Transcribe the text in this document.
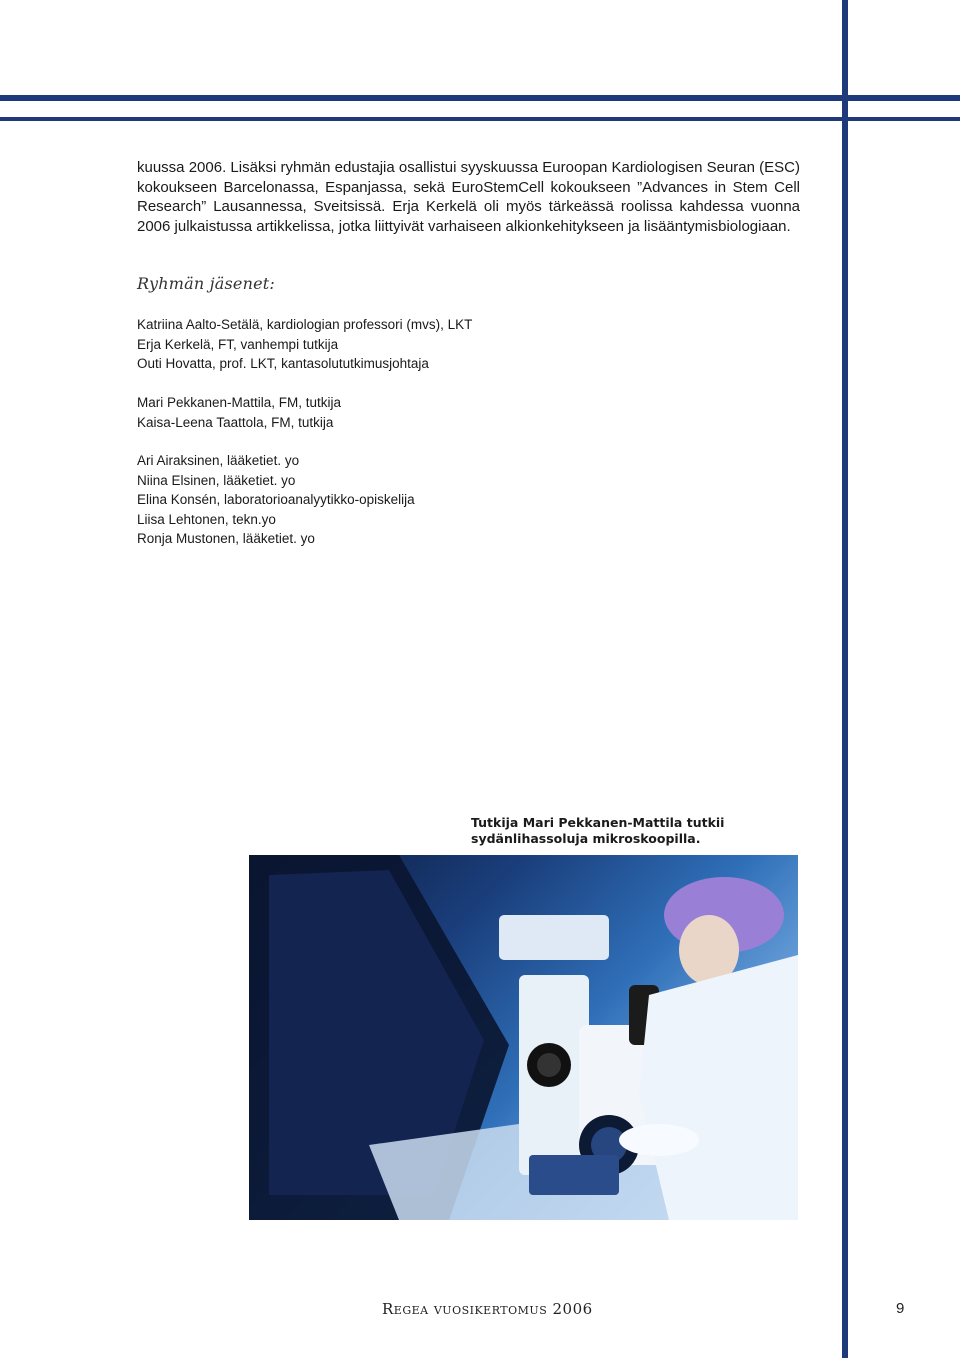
kuussa 2006. Lisäksi ryhmän edustajia osallistui syyskuussa Euroopan Kardiologisen Seuran (ESC) kokoukseen Barcelonassa, Espanjassa, sekä EuroStemCell kokoukseen ”Advances in Stem Cell Research” Lausannessa, Sveitsissä. Erja Kerkelä oli myös tärkeässä roolissa kahdessa vuonna 2006 julkaistussa artikkelissa, jotka liittyivät varhaiseen alkionkehitykseen ja lisääntymisbiologiaan.

Ryhmän jäsenet:

Katriina Aalto-Setälä, kardiologian professori (mvs), LKT
Erja Kerkelä, FT, vanhempi tutkija
Outi Hovatta, prof. LKT, kantasolututkimusjohtaja
Mari Pekkanen-Mattila, FM, tutkija
Kaisa-Leena Taattola, FM, tutkija
Ari Airaksinen, lääketiet. yo
Niina Elsinen, lääketiet. yo
Elina Konsén, laboratorioanalyytikko-opiskelija
Liisa Lehtonen, tekn.yo
Ronja Mustonen, lääketiet. yo

Tutkija Mari Pekkanen-Mattila tutkii sydänlihassoluja mikroskoopilla.

Regea vuosikertomus 2006	9
